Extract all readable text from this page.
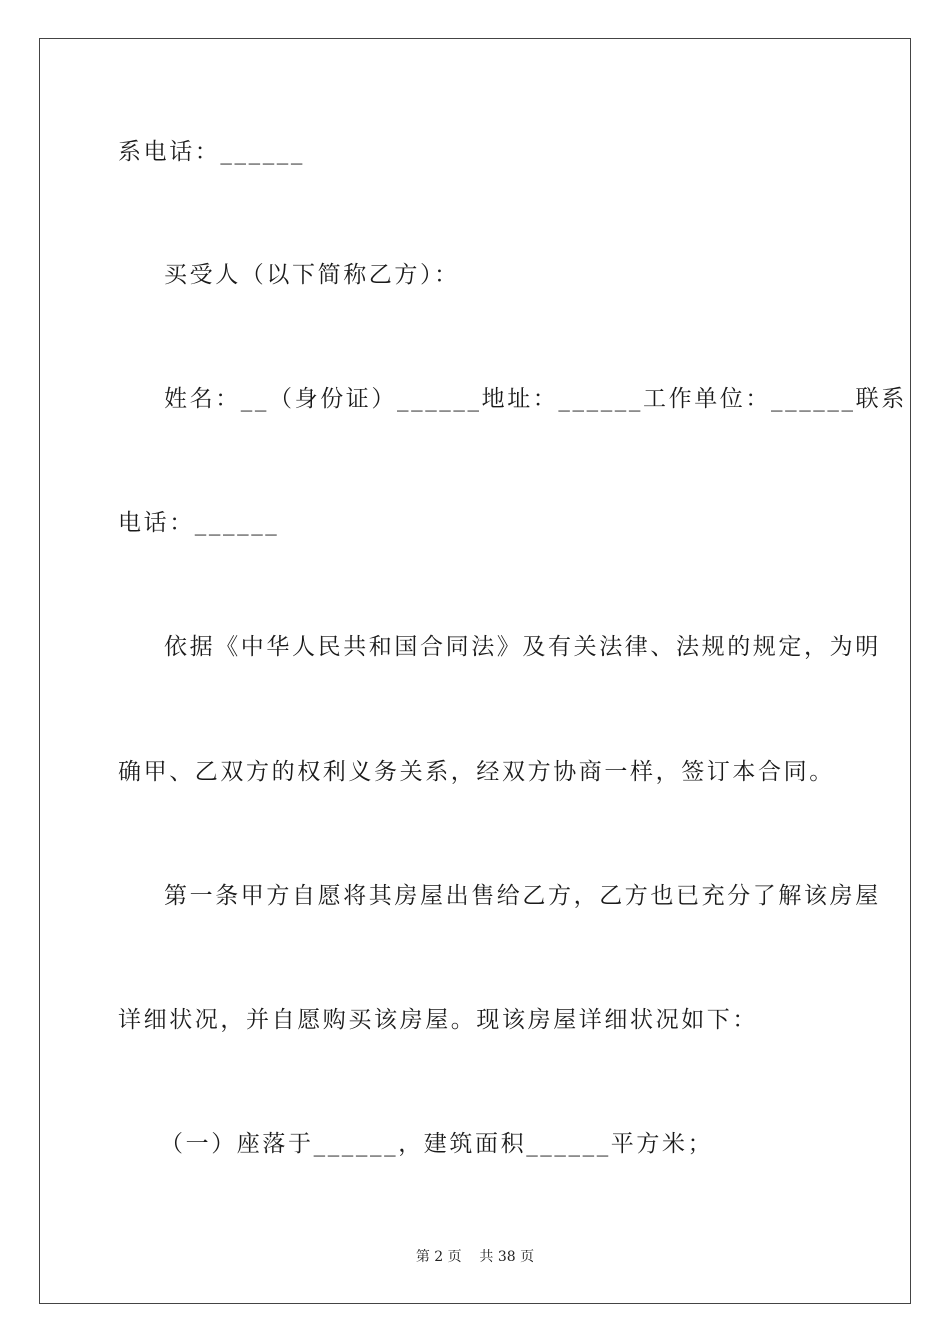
系电话：______
买受人（以下简称乙方）：
姓名：__（身份证）______地址：______工作单位：______联系
电话：______
依据《中华人民共和国合同法》及有关法律、法规的规定，为明
确甲、乙双方的权利义务关系，经双方协商一样，签订本合同。
第一条甲方自愿将其房屋出售给乙方，乙方也已充分了解该房屋
详细状况，并自愿购买该房屋。现该房屋详细状况如下：
（一）座落于______，建筑面积______平方米；
第 2 页    共 38 页
